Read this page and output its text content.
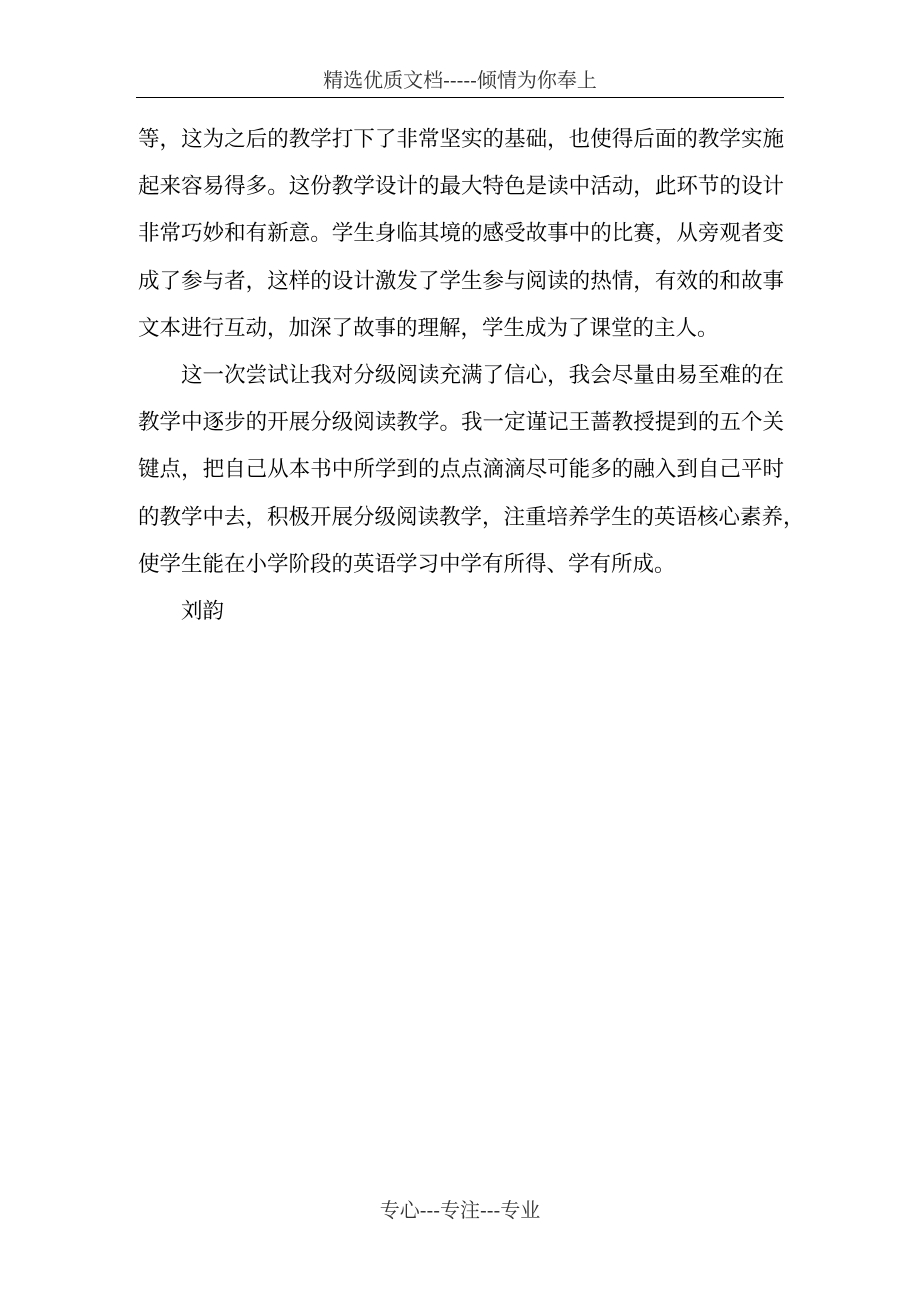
精选优质文档-----倾情为你奉上
等，这为之后的教学打下了非常坚实的基础，也使得后面的教学实施
起来容易得多。这份教学设计的最大特色是读中活动，此环节的设计
非常巧妙和有新意。学生身临其境的感受故事中的比赛，从旁观者变
成了参与者，这样的设计激发了学生参与阅读的热情，有效的和故事
文本进行互动，加深了故事的理解，学生成为了课堂的主人。
这一次尝试让我对分级阅读充满了信心，我会尽量由易至难的在
教学中逐步的开展分级阅读教学。我一定谨记王蔷教授提到的五个关
键点，把自己从本书中所学到的点点滴滴尽可能多的融入到自己平时
的教学中去，积极开展分级阅读教学，注重培养学生的英语核心素养，
使学生能在小学阶段的英语学习中学有所得、学有所成。
刘韵
专心---专注---专业
